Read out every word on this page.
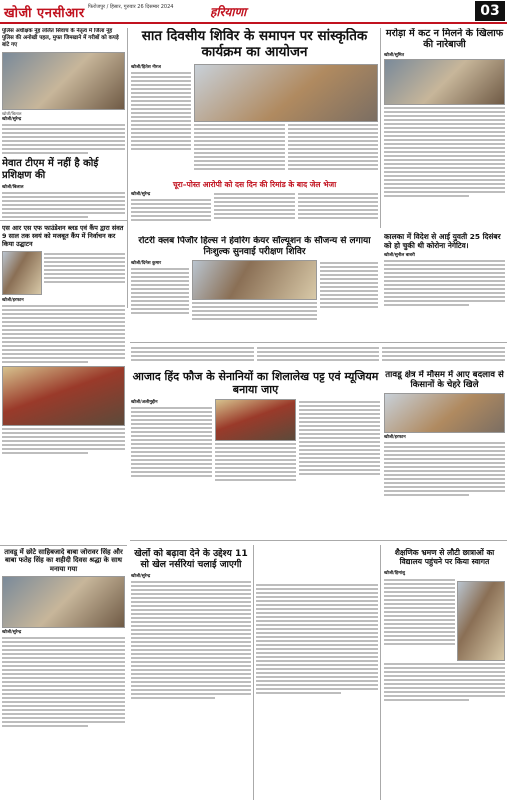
खोजी एनसीआर फिरोजपुर / हिसार, गुरुवार 26 दिसम्बर 2024	हरियाणा	03
पुलिस अधीक्षक नूंह ललित सिवाच के नेतृत्व में जिला नूंह पुलिस की अनोखी पहल, मुफ्त जिमखाने में गरीबों को कपड़े बांटे गए
खोजी/बिलाल
खोजी/सुरेन्द्र
मेवात टीएम में नहीं है कोई प्रशिक्षण की
खोजी/बिलाल
एस आर एस एफ फाउंडेशन ब्लड एवं कैंप द्वारा संवत 9 साल तक स्वयं को मजबूत कैंप में निर्वाचन कर किया उद्घाटन
खोजी/इरफान
सात दिवसीय शिविर के समापन पर सांस्कृतिक कार्यक्रम का आयोजन
खोजी/हितेश नीरज
चूरा–पोस्त आरोपी को दस दिन की रिमांड के बाद जेल भेजा
खोजी/सुरेन्द्र
मरोड़ा में कट न मिलने के खिलाफ की नारेबाजी
खोजी/सुमित
रोटरी क्लब पिंजौर हिल्स ने हेवरिंग केयर सॉल्यूशन के सौजन्य से लगाया निःशुल्क सुनवाई परीक्षण शिविर
खोजी/दिनेश कुमार
कालका में विदेश से आई युवती 25 दिसंबर को हो चुकी थी कोरोना नेगेटिव।
खोजी/सुनील बाबरी
आजाद हिंद फौज के सेनानियों का शिलालेख पट्ट एवं म्यूजियम बनाया जाए
खोजी/अलीमुद्दीन
तावडू क्षेत्र में मौसम में आए बदलाव से किसानों के चेहरे खिले
खोजी/इरफान
तावडू में छोटे साहिबजादे बाबा जोरावर सिंह और बाबा फतेह सिंह का शहीदी दिवस श्रद्धा के साथ मनाया गया
खोजी/सुरेन्द्र
खेलों को बढ़ावा देने के उद्देश्य 11 सो खेल नर्सरियां चलाई जाएगी
खोजी/सुरेन्द्र
शैक्षणिक भ्रमण से लौटी छात्राओं का विद्यालय पहुंचने पर किया स्वागत
खोजी/हिमांशु
